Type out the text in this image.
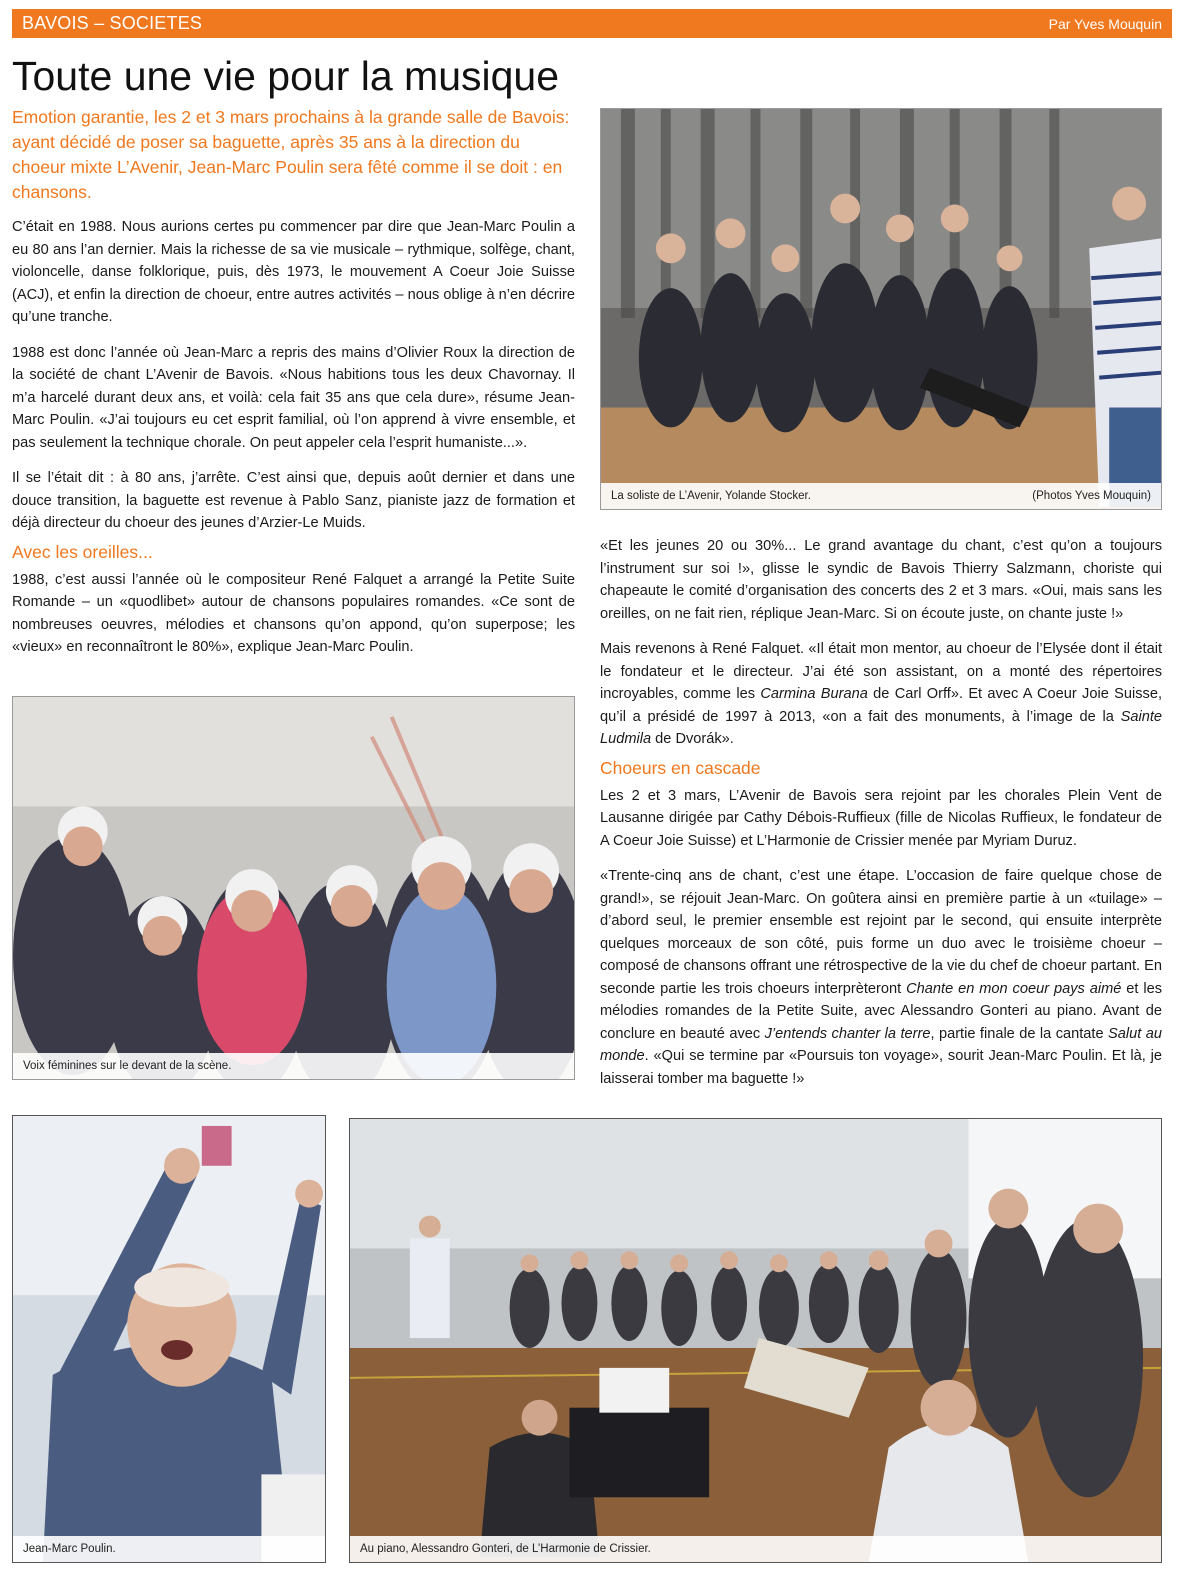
BAVOIS – SOCIETES	Par Yves Mouquin
Toute une vie pour la musique

Emotion garantie, les 2 et 3 mars prochains à la grande salle de Bavois: ayant décidé de poser sa baguette, après 35 ans à la direction du choeur mixte L’Avenir, Jean-Marc Poulin sera fêté comme il se doit : en chansons.

C’était en 1988. Nous aurions certes pu commencer par dire que Jean-Marc Poulin a eu 80 ans l’an dernier. Mais la richesse de sa vie musicale – rythmique, solfège, chant, violoncelle, danse folklorique, puis, dès 1973, le mouvement A Coeur Joie Suisse (ACJ), et enfin la direction de choeur, entre autres activités – nous oblige à n’en décrire qu’une tranche.

1988 est donc l’année où Jean-Marc a repris des mains d’Olivier Roux la direction de la société de chant L’Avenir de Bavois. «Nous habitions tous les deux Chavornay. Il m’a harcelé durant deux ans, et voilà: cela fait 35 ans que cela dure», résume Jean-Marc Poulin. «J’ai toujours eu cet esprit familial, où l’on apprend à vivre ensemble, et pas seulement la technique chorale. On peut appeler cela l’esprit humaniste...».

Il se l’était dit : à 80 ans, j’arrête. C’est ainsi que, depuis août dernier et dans une douce transition, la baguette est revenue à Pablo Sanz, pianiste jazz de formation et déjà directeur du choeur des jeunes d’Arzier-Le Muids.

Avec les oreilles...

1988, c’est aussi l’année où le compositeur René Falquet a arrangé la Petite Suite Romande – un «quodlibet» autour de chansons populaires romandes. «Ce sont de nombreuses oeuvres, mélodies et chansons qu’on appond, qu’on superpose; les «vieux» en reconnaîtront le 80%», explique Jean-Marc Poulin.

«Et les jeunes 20 ou 30%... Le grand avantage du chant, c’est qu’on a toujours l’instrument sur soi !», glisse le syndic de Bavois Thierry Salzmann, choriste qui chapeaute le comité d’organisation des concerts des 2 et 3 mars. «Oui, mais sans les oreilles, on ne fait rien, réplique Jean-Marc. Si on écoute juste, on chante juste !»

Mais revenons à René Falquet. «Il était mon mentor, au choeur de l’Elysée dont il était le fondateur et le directeur. J’ai été son assistant, on a monté des répertoires incroyables, comme les Carmina Burana de Carl Orff». Et avec A Coeur Joie Suisse, qu’il a présidé de 1997 à 2013, «on a fait des monuments, à l’image de la Sainte Ludmila de Dvorák».

Choeurs en cascade

Les 2 et 3 mars, L’Avenir de Bavois sera rejoint par les chorales Plein Vent de Lausanne dirigée par Cathy Débois-Ruffieux (fille de Nicolas Ruffieux, le fondateur de A Coeur Joie Suisse) et L’Harmonie de Crissier menée par Myriam Duruz.

«Trente-cinq ans de chant, c’est une étape. L’occasion de faire quelque chose de grand!», se réjouit Jean-Marc. On goûtera ainsi en première partie à un «tuilage» – d’abord seul, le premier ensemble est rejoint par le second, qui ensuite interprète quelques morceaux de son côté, puis forme un duo avec le troisième choeur – composé de chansons offrant une rétrospective de la vie du chef de choeur partant. En seconde partie les trois choeurs interprèteront Chante en mon coeur pays aimé et les mélodies romandes de la Petite Suite, avec Alessandro Gonteri au piano. Avant de conclure en beauté avec J’entends chanter la terre, partie finale de la cantate Salut au monde. «Qui se termine par «Poursuis ton voyage», sourit Jean-Marc Poulin. Et là, je laisserai tomber ma baguette !»

La soliste de L’Avenir, Yolande Stocker.	(Photos Yves Mouquin)
Voix féminines sur le devant de la scène.
Jean-Marc Poulin.	Au piano, Alessandro Gonteri, de L’Harmonie de Crissier.
